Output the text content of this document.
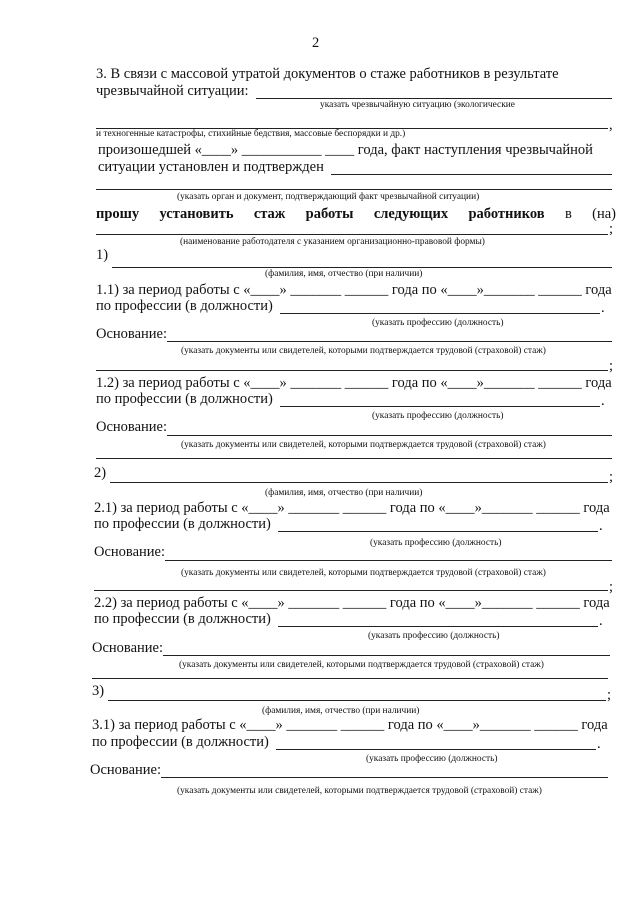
2
3. В связи с массовой утратой документов о стаже работников в результате
чрезвычайной ситуации:
указать чрезвычайную ситуацию (экологические
,
и техногенные катастрофы, стихийные бедствия, массовые беспорядки и др.)
произошедшей «____» ___________ ____ года, факт наступления чрезвычайной
ситуации установлен и подтвержден
(указать орган и документ, подтверждающий факт чрезвычайной ситуации)
прошу установить стаж работы следующих работников в (на)
;
(наименование работодателя с указанием организационно-правовой формы)
1)
(фамилия, имя, отчество (при наличии)
1.1) за период работы с «____» _______ ______ года по «____»_______ ______ года
по профессии (в должности)	.
(указать профессию (должность)
Основание:
(указать документы или свидетелей, которыми подтверждается трудовой (страховой) стаж)
;
1.2) за период работы с «____» _______ ______ года по «____»_______ ______ года
по профессии (в должности)	.
(указать профессию (должность)
Основание:
(указать документы или свидетелей, которыми подтверждается трудовой (страховой) стаж)
2)	;
(фамилия, имя, отчество (при наличии)
2.1) за период работы с «____» _______ ______ года по «____»_______ ______ года
по профессии (в должности)	.
(указать профессию (должность)
Основание:
(указать документы или свидетелей, которыми подтверждается трудовой (страховой) стаж)
;
2.2) за период работы с «____» _______ ______ года по «____»_______ ______ года
по профессии (в должности)	.
(указать профессию (должность)
Основание:
(указать документы или свидетелей, которыми подтверждается трудовой (страховой) стаж)
3)	;
(фамилия, имя, отчество (при наличии)
3.1) за период работы с «____» _______ ______ года по «____»_______ ______ года
по профессии (в должности)	.
(указать профессию (должность)
Основание:
(указать документы или свидетелей, которыми подтверждается трудовой (страховой) стаж)
